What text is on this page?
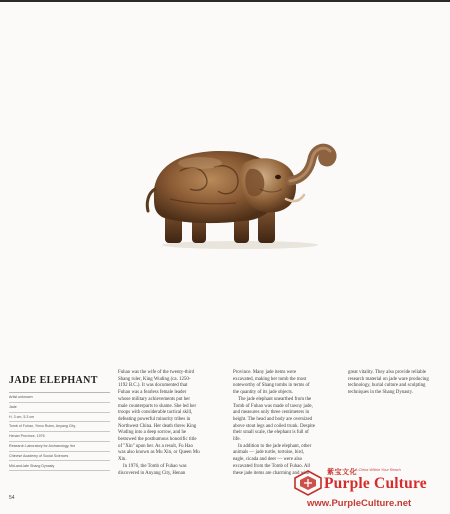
JADE ELEPHANT
Artist unknown
Jade
H. 3 cm, 5.3 cm
Tomb of Fuhao, Yinxu Ruins, Anyang City,
Henan Province, 1976
Research Laboratory for Archaeology, the
Chinese Academy of Social Sciences
Mid-and-late Shang Dynasty

Fuhao was the wife of the twenty-third Shang ruler, King Wuding (ca. 1250-1192 B.C.). It was documented that Fuhao was a fearless female leader whose military achievements put her male counterparts to shame. She led her troops with considerable tactical skill, defeating powerful minority tribes in Northwest China. Her death threw King Wuding into a deep sorrow, and he bestowed the posthumous honorific title of "Xin" upon her. As a result, Fu Hao was also known as Mu Xin, or Queen Mu Xin.

In 1976, the Tomb of Fuhao was discovered in Anyang City, Henan

Province. Many jade items were excavated, making her tomb the most noteworthy of Shang tombs in terms of the quantity of its jade objects.

The jade elephant unearthed from the Tomb of Fuhao was made of tawny jade, and measures only three centimeters in height. The head and body are oversized above stout legs and coiled trunk. Despite their small scale, the elephant is full of life.

In addition to the jade elephant, other animals — jade turtle, tortoise, bird, eagle, cicada and deer — were also excavated from the Tomb of Fuhao. All these jade items are charming and with

great vitality. They also provide reliable research material on jade ware producing technology, burial culture and sculpting techniques in the Shang Dynasty.

54
紫宝文化
A China Within Your Reach
Purple Culture
www.PurpleCulture.net
